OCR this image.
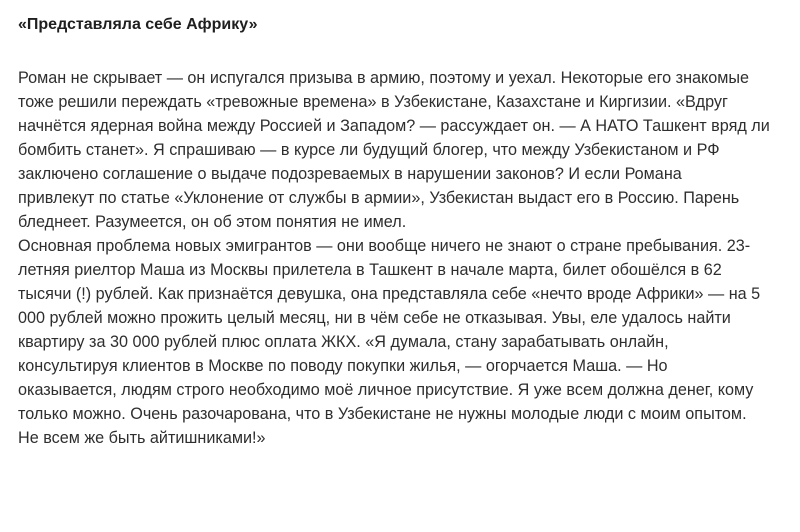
«Представляла себе Африку»

Роман не скрывает — он испугался призыва в армию, поэтому и уехал. Некоторые его знакомые
тоже решили переждать «тревожные времена» в Узбекистане, Казахстане и Киргизии. «Вдруг
начнётся ядерная война между Россией и Западом? — рассуждает он. — А НАТО Ташкент вряд ли
бомбить станет». Я спрашиваю — в курсе ли будущий блогер, что между Узбекистаном и РФ
заключено соглашение о выдаче подозреваемых в нарушении законов? И если Романа
привлекут по статье «Уклонение от службы в армии», Узбекистан выдаст его в Россию. Парень
бледнеет. Разумеется, он об этом понятия не имел.

Основная проблема новых эмигрантов — они вообще ничего не знают о стране пребывания. 23-
летняя риелтор Маша из Москвы прилетела в Ташкент в начале марта, билет обошёлся в 62
тысячи (!) рублей. Как признаётся девушка, она представляла себе «нечто вроде Африки» — на 5
000 рублей можно прожить целый месяц, ни в чём себе не отказывая. Увы, еле удалось найти
квартиру за 30 000 рублей плюс оплата ЖКХ. «Я думала, стану зарабатывать онлайн,
консультируя клиентов в Москве по поводу покупки жилья, — огорчается Маша. — Но
оказывается, людям строго необходимо моё личное присутствие. Я уже всем должна денег, кому
только можно. Очень разочарована, что в Узбекистане не нужны молодые люди с моим опытом.
Не всем же быть айтишниками!»
